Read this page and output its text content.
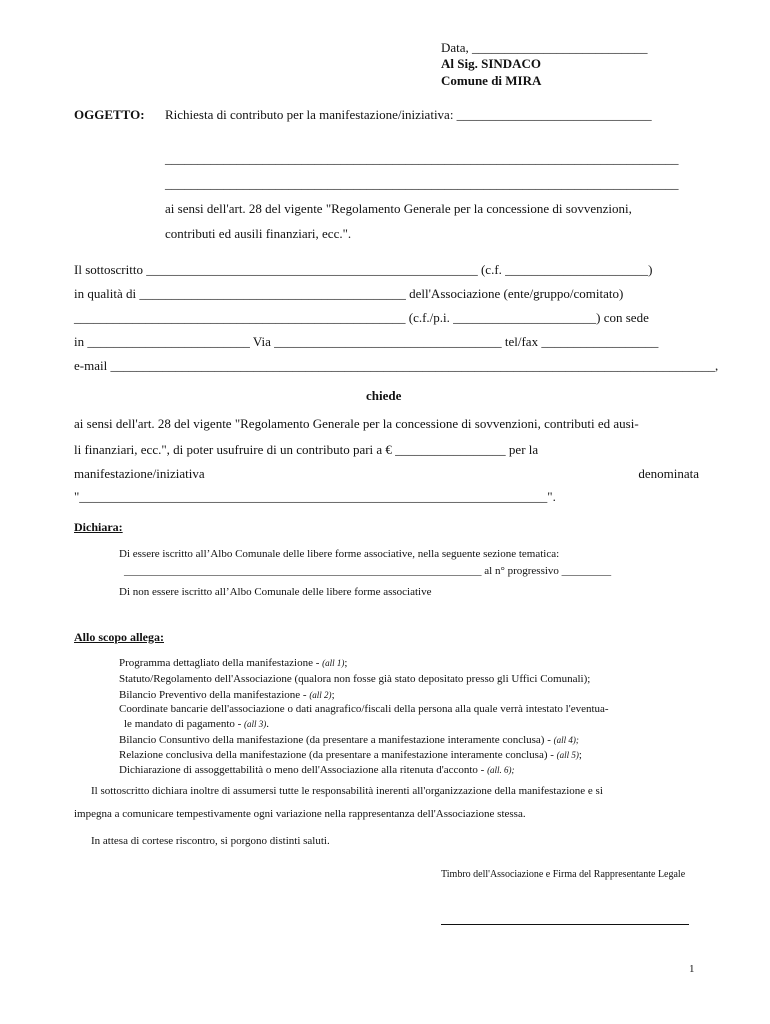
Data, ___________________________
Al Sig. SINDACO
Comune di MIRA
OGGETTO: Richiesta di contributo per la manifestazione/iniziativa: ______________________________
_______________________________________________________________________________
_______________________________________________________________________________
ai sensi dell'art. 28 del vigente "Regolamento Generale per la concessione di sovvenzioni,
contributi ed ausili finanziari, ecc.".
Il sottoscritto ___________________________________________________ (c.f. ______________________)
in qualità di _________________________________________ dell'Associazione (ente/gruppo/comitato)
___________________________________________________ (c.f./p.i. ______________________) con sede
in _________________________ Via ___________________________________ tel/fax __________________
e-mail _____________________________________________________________________________________________,
chiede
ai sensi dell'art. 28 del vigente "Regolamento Generale per la concessione di sovvenzioni, contributi ed ausi-
li finanziari, ecc.", di poter usufruire di un contributo pari a € _________________ per la
manifestazione/iniziativa	denominata
"________________________________________________________________________".
Dichiara:
Di essere iscritto all’Albo Comunale delle libere forme associative, nella seguente sezione tematica:
_________________________________________________________________ al n° progressivo _________
Di non essere iscritto all’Albo Comunale delle libere forme associative
Allo scopo allega:
Programma dettagliato della manifestazione - (all 1);
Statuto/Regolamento dell'Associazione (qualora non fosse già stato depositato presso gli Uffici Comunali);
Bilancio Preventivo della manifestazione - (all 2);
Coordinate bancarie dell'associazione o dati anagrafico/fiscali della persona alla quale verrà intestato l'eventua-
le mandato di pagamento - (all 3).
Bilancio Consuntivo della manifestazione (da presentare a manifestazione interamente conclusa) - (all 4);
Relazione conclusiva della manifestazione (da presentare a manifestazione interamente conclusa) - (all 5);
Dichiarazione di assoggettabilità o meno dell'Associazione alla ritenuta d'acconto - (all. 6);
Il sottoscritto dichiara inoltre di assumersi tutte le responsabilità inerenti all'organizzazione della manifestazione e si
impegna a comunicare tempestivamente ogni variazione nella rappresentanza dell'Associazione stessa.
In attesa di cortese riscontro, si porgono distinti saluti.
Timbro dell'Associazione e Firma del Rappresentante Legale
1
